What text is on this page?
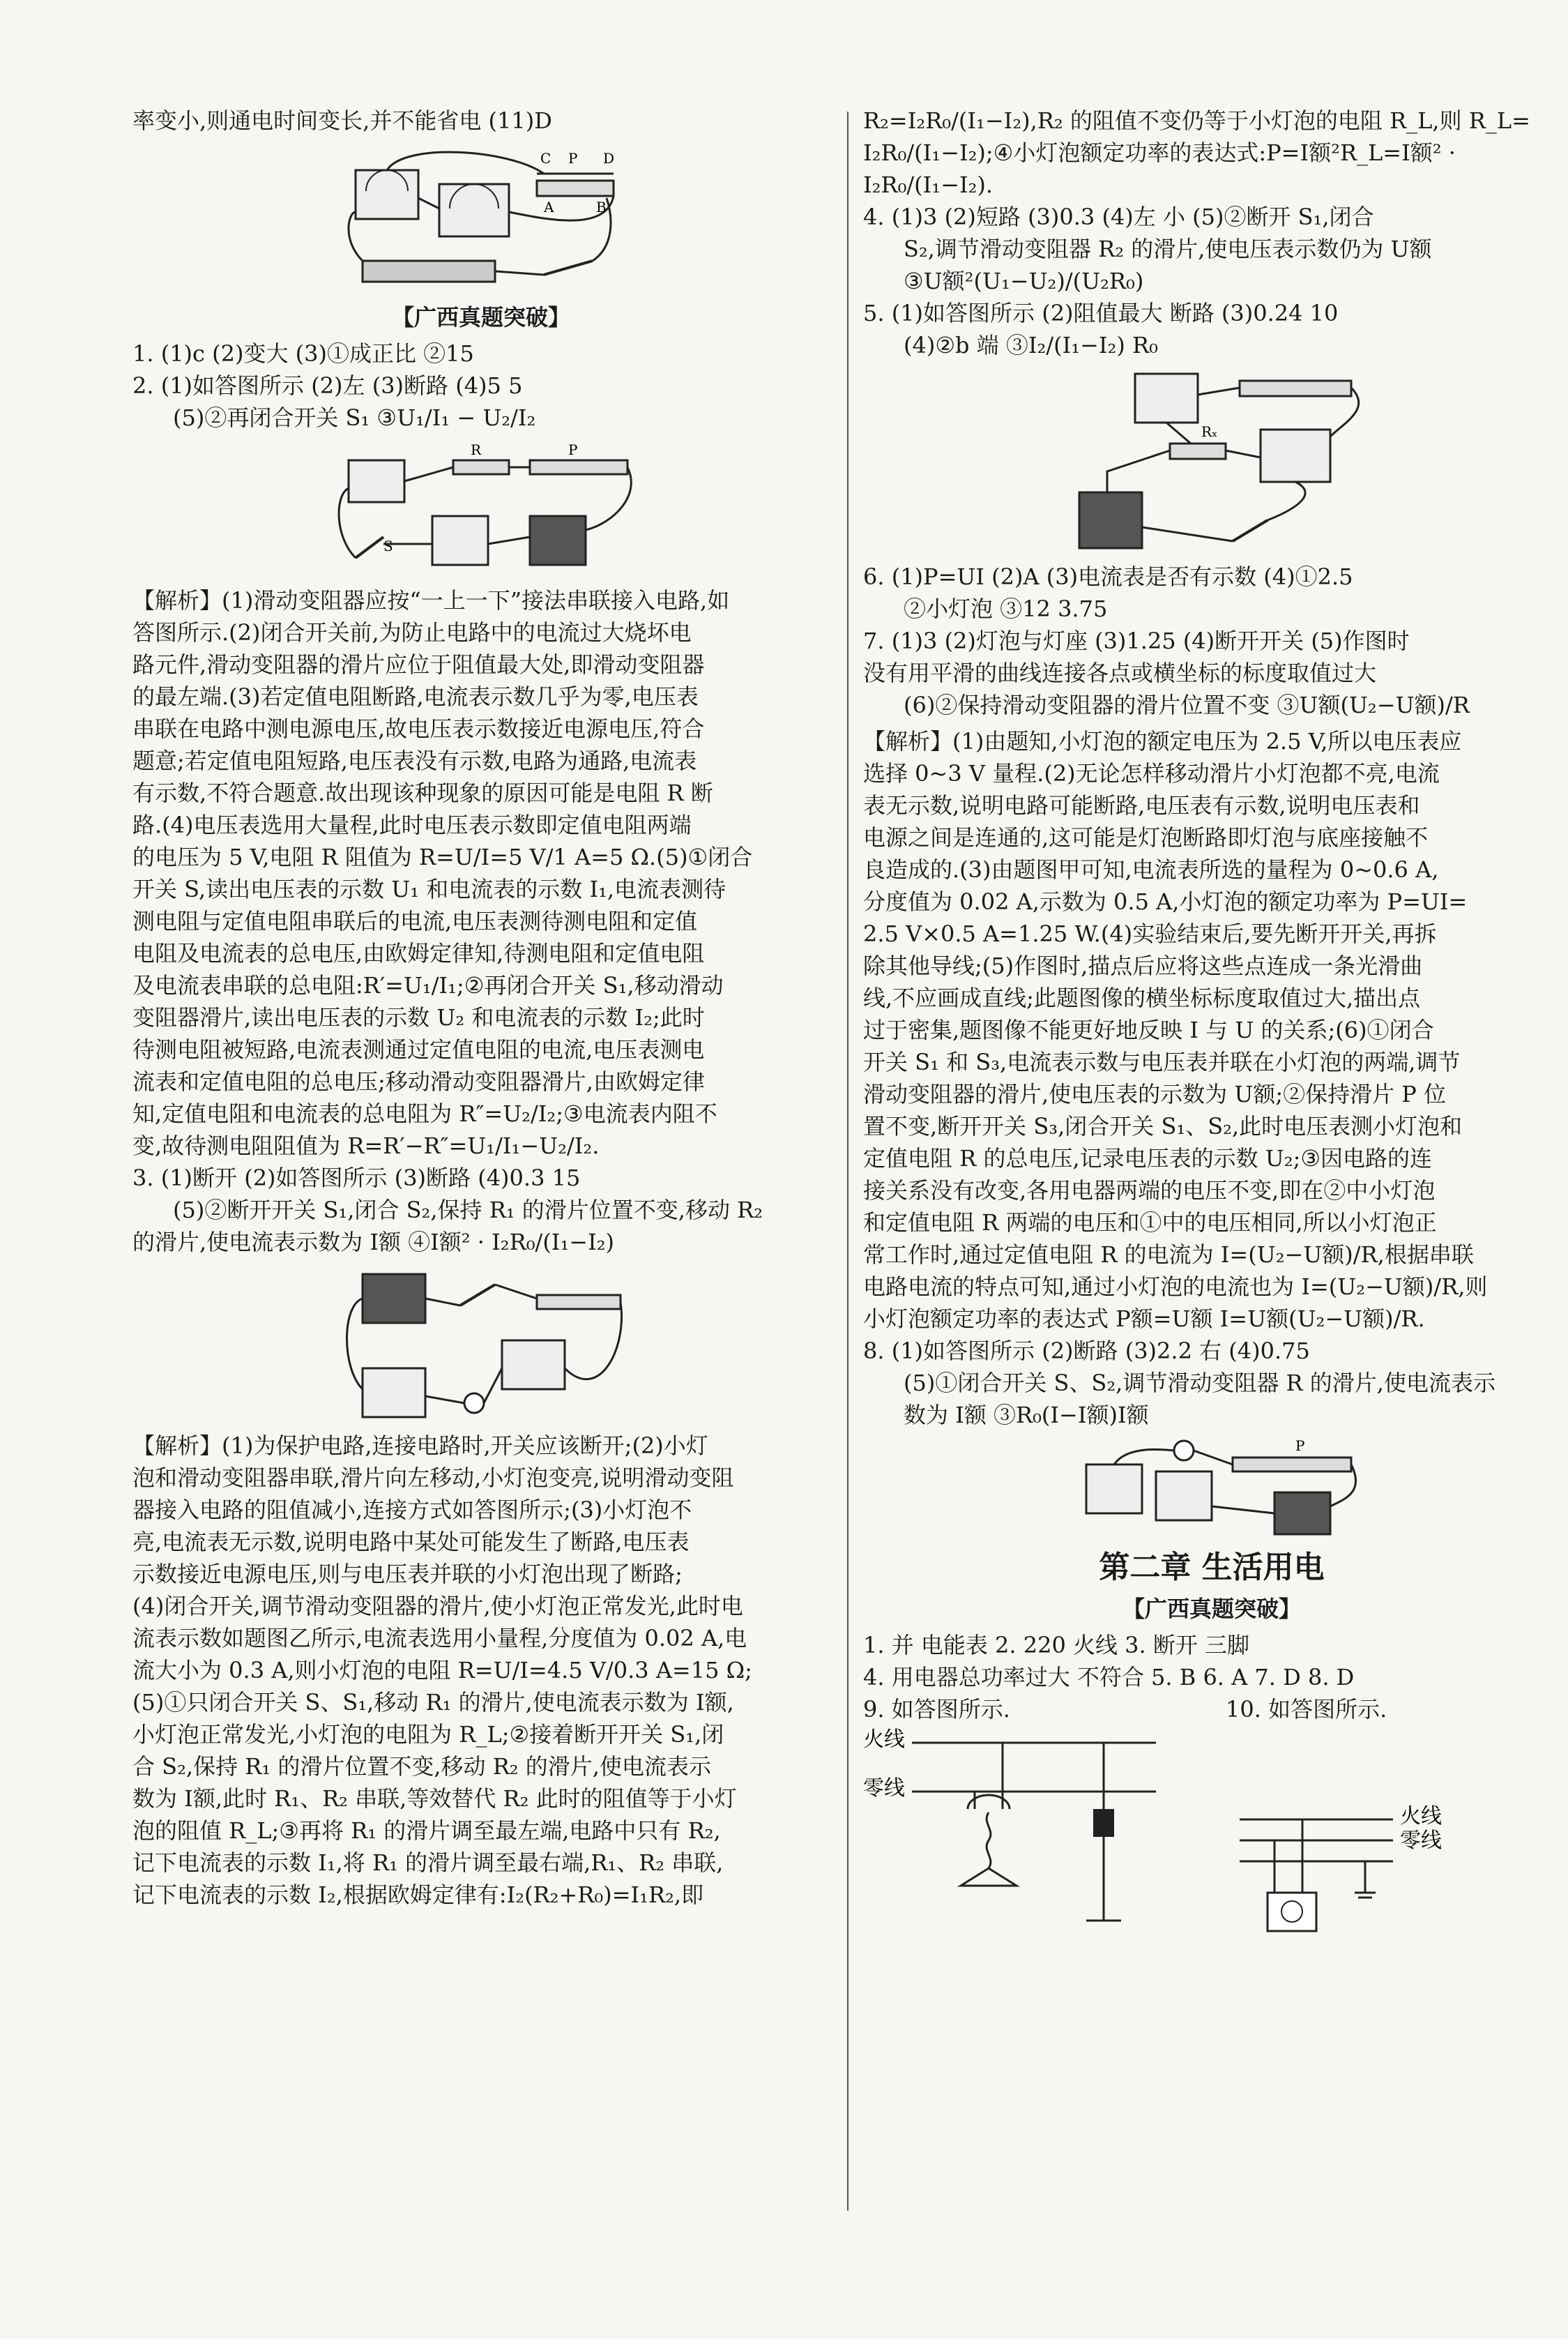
率变小,则通电时间变长,并不能省电 (11)D

C P D
A	B

【广西真题突破】

1. (1)c (2)变大 (3)①成正比 ②15

2. (1)如答图所示 (2)左 (3)断路 (4)5 5

(5)②再闭合开关 S₁ ③U₁/I₁ − U₂/I₂

R	P
S

【解析】(1)滑动变阻器应按“一上一下”接法串联接入电路,如

答图所示.(2)闭合开关前,为防止电路中的电流过大烧坏电

路元件,滑动变阻器的滑片应位于阻值最大处,即滑动变阻器

的最左端.(3)若定值电阻断路,电流表示数几乎为零,电压表

串联在电路中测电源电压,故电压表示数接近电源电压,符合

题意;若定值电阻短路,电压表没有示数,电路为通路,电流表

有示数,不符合题意.故出现该种现象的原因可能是电阻 R 断

路.(4)电压表选用大量程,此时电压表示数即定值电阻两端

的电压为 5 V,电阻 R 阻值为 R=U/I=5 V/1 A=5 Ω.(5)①闭合

开关 S,读出电压表的示数 U₁ 和电流表的示数 I₁,电流表测待

测电阻与定值电阻串联后的电流,电压表测待测电阻和定值

电阻及电流表的总电压,由欧姆定律知,待测电阻和定值电阻

及电流表串联的总电阻:R′=U₁/I₁;②再闭合开关 S₁,移动滑动

变阻器滑片,读出电压表的示数 U₂ 和电流表的示数 I₂;此时

待测电阻被短路,电流表测通过定值电阻的电流,电压表测电

流表和定值电阻的总电压;移动滑动变阻器滑片,由欧姆定律

知,定值电阻和电流表的总电阻为 R″=U₂/I₂;③电流表内阻不

变,故待测电阻阻值为 R=R′−R″=U₁/I₁−U₂/I₂.

3. (1)断开 (2)如答图所示 (3)断路 (4)0.3 15

(5)②断开开关 S₁,闭合 S₂,保持 R₁ 的滑片位置不变,移动 R₂

的滑片,使电流表示数为 I额 ④I额² · I₂R₀/(I₁−I₂)

【解析】(1)为保护电路,连接电路时,开关应该断开;(2)小灯

泡和滑动变阻器串联,滑片向左移动,小灯泡变亮,说明滑动变阻

器接入电路的阻值减小,连接方式如答图所示;(3)小灯泡不

亮,电流表无示数,说明电路中某处可能发生了断路,电压表

示数接近电源电压,则与电压表并联的小灯泡出现了断路;

(4)闭合开关,调节滑动变阻器的滑片,使小灯泡正常发光,此时电

流表示数如题图乙所示,电流表选用小量程,分度值为 0.02 A,电

流大小为 0.3 A,则小灯泡的电阻 R=U/I=4.5 V/0.3 A=15 Ω;

(5)①只闭合开关 S、S₁,移动 R₁ 的滑片,使电流表示数为 I额,

小灯泡正常发光,小灯泡的电阻为 R_L;②接着断开开关 S₁,闭

合 S₂,保持 R₁ 的滑片位置不变,移动 R₂ 的滑片,使电流表示

数为 I额,此时 R₁、R₂ 串联,等效替代 R₂ 此时的阻值等于小灯

泡的阻值 R_L;③再将 R₁ 的滑片调至最左端,电路中只有 R₂,

记下电流表的示数 I₁,将 R₁ 的滑片调至最右端,R₁、R₂ 串联,

记下电流表的示数 I₂,根据欧姆定律有:I₂(R₂+R₀)=I₁R₂,即

R₂=I₂R₀/(I₁−I₂),R₂ 的阻值不变仍等于小灯泡的电阻 R_L,则 R_L=

I₂R₀/(I₁−I₂);④小灯泡额定功率的表达式:P=I额²R_L=I额² · I₂R₀/(I₁−I₂).

4. (1)3 (2)短路 (3)0.3 (4)左 小 (5)②断开 S₁,闭合

S₂,调节滑动变阻器 R₂ 的滑片,使电压表示数仍为 U额

③U额²(U₁−U₂)/(U₂R₀)

5. (1)如答图所示 (2)阻值最大 断路 (3)0.24 10

(4)②b 端 ③I₂/(I₁−I₂) R₀

Rₓ

6. (1)P=UI (2)A (3)电流表是否有示数 (4)①2.5

②小灯泡 ③12 3.75

7. (1)3 (2)灯泡与灯座 (3)1.25 (4)断开开关 (5)作图时

没有用平滑的曲线连接各点或横坐标的标度取值过大

(6)②保持滑动变阻器的滑片位置不变 ③U额(U₂−U额)/R

【解析】(1)由题知,小灯泡的额定电压为 2.5 V,所以电压表应

选择 0~3 V 量程.(2)无论怎样移动滑片小灯泡都不亮,电流

表无示数,说明电路可能断路,电压表有示数,说明电压表和

电源之间是连通的,这可能是灯泡断路即灯泡与底座接触不

良造成的.(3)由题图甲可知,电流表所选的量程为 0~0.6 A,

分度值为 0.02 A,示数为 0.5 A,小灯泡的额定功率为 P=UI=

2.5 V×0.5 A=1.25 W.(4)实验结束后,要先断开开关,再拆

除其他导线;(5)作图时,描点后应将这些点连成一条光滑曲

线,不应画成直线;此题图像的横坐标标度取值过大,描出点

过于密集,题图像不能更好地反映 I 与 U 的关系;(6)①闭合

开关 S₁ 和 S₃,电流表示数与电压表并联在小灯泡的两端,调节

滑动变阻器的滑片,使电压表的示数为 U额;②保持滑片 P 位

置不变,断开开关 S₃,闭合开关 S₁、S₂,此时电压表测小灯泡和

定值电阻 R 的总电压,记录电压表的示数 U₂;③因电路的连

接关系没有改变,各用电器两端的电压不变,即在②中小灯泡

和定值电阻 R 两端的电压和①中的电压相同,所以小灯泡正

常工作时,通过定值电阻 R 的电流为 I=(U₂−U额)/R,根据串联

电路电流的特点可知,通过小灯泡的电流也为 I=(U₂−U额)/R,则

小灯泡额定功率的表达式 P额=U额 I=U额(U₂−U额)/R.

8. (1)如答图所示 (2)断路 (3)2.2 右 (4)0.75

(5)①闭合开关 S、S₂,调节滑动变阻器 R 的滑片,使电流表示

数为 I额 ③R₀(I−I额)I额

P

第二章 生活用电

【广西真题突破】

1. 并 电能表 2. 220 火线 3. 断开 三脚

4. 用电器总功率过大 不符合 5. B 6. A 7. D 8. D

9. 如答图所示.	10. 如答图所示.
火线
零线
火线
零线
